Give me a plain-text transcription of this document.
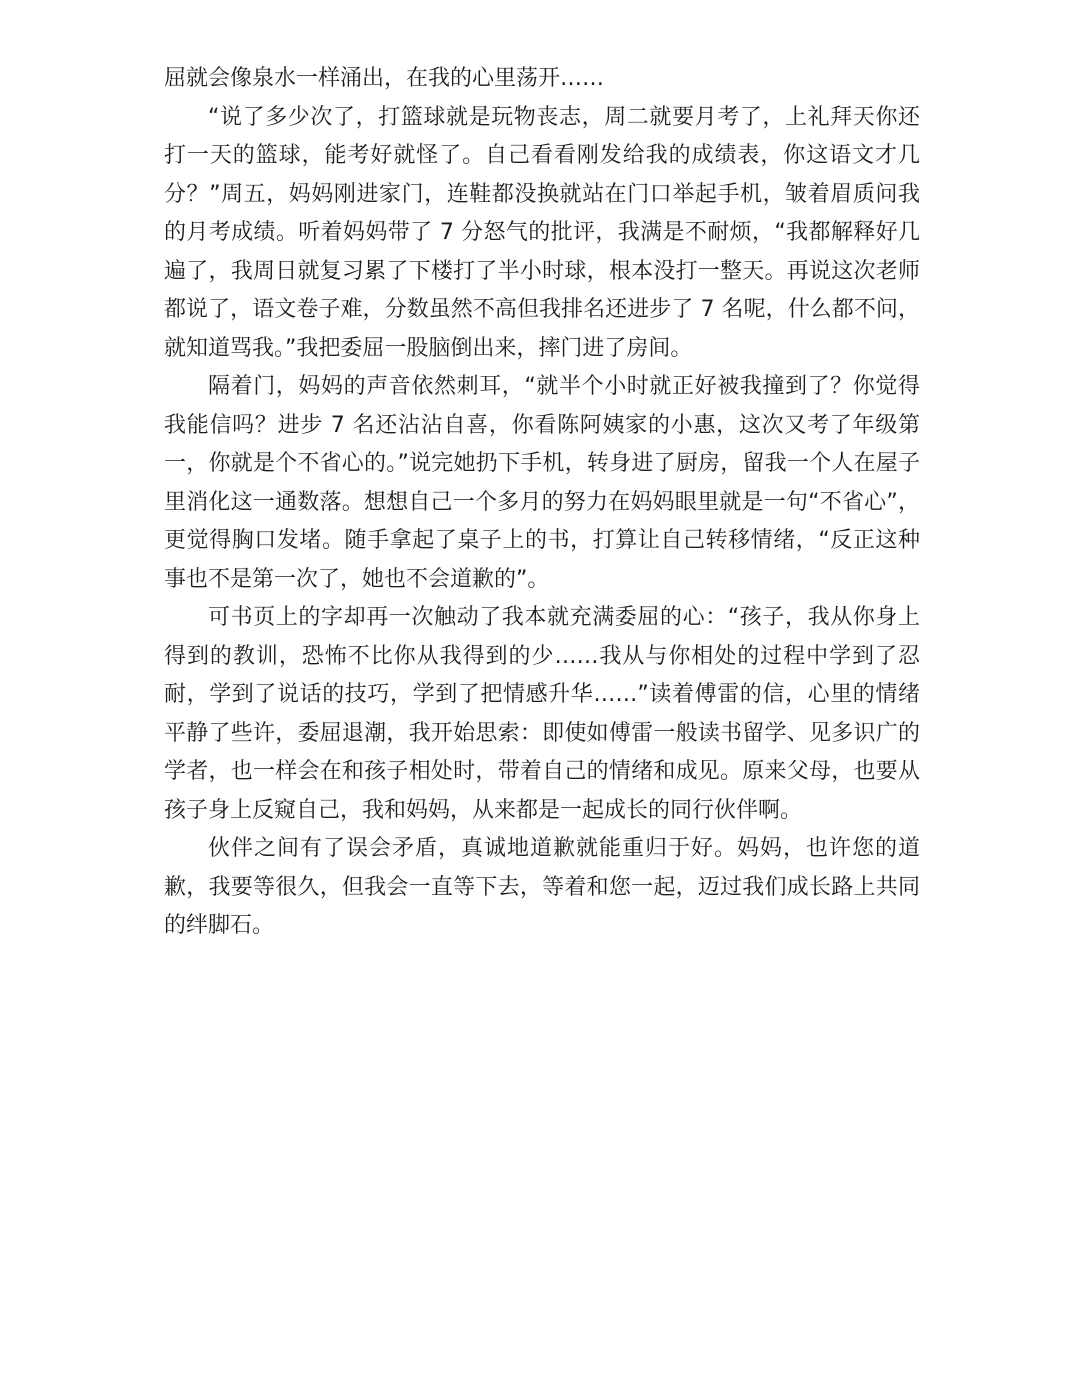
屈就会像泉水一样涌出，在我的心里荡开……

“说了多少次了，打篮球就是玩物丧志，周二就要月考了，上礼拜天你还打一天的篮球，能考好就怪了。自己看看刚发给我的成绩表，你这语文才几分？”周五，妈妈刚进家门，连鞋都没换就站在门口举起手机，皱着眉质问我的月考成绩。听着妈妈带了 7 分怒气的批评，我满是不耐烦，“我都解释好几遍了，我周日就复习累了下楼打了半小时球，根本没打一整天。再说这次老师都说了，语文卷子难，分数虽然不高但我排名还进步了 7 名呢，什么都不问，就知道骂我。”我把委屈一股脑倒出来，摔门进了房间。

隔着门，妈妈的声音依然刺耳，“就半个小时就正好被我撞到了？你觉得我能信吗？进步 7 名还沾沾自喜，你看陈阿姨家的小惠，这次又考了年级第一，你就是个不省心的。”说完她扔下手机，转身进了厨房，留我一个人在屋子里消化这一通数落。想想自己一个多月的努力在妈妈眼里就是一句“不省心”，更觉得胸口发堵。随手拿起了桌子上的书，打算让自己转移情绪，“反正这种事也不是第一次了，她也不会道歉的”。

可书页上的字却再一次触动了我本就充满委屈的心：“孩子，我从你身上得到的教训，恐怖不比你从我得到的少……我从与你相处的过程中学到了忍耐，学到了说话的技巧，学到了把情感升华……”读着傅雷的信，心里的情绪平静了些许，委屈退潮，我开始思索：即使如傅雷一般读书留学、见多识广的学者，也一样会在和孩子相处时，带着自己的情绪和成见。原来父母，也要从孩子身上反窥自己，我和妈妈，从来都是一起成长的同行伙伴啊。

伙伴之间有了误会矛盾，真诚地道歉就能重归于好。妈妈，也许您的道歉，我要等很久，但我会一直等下去，等着和您一起，迈过我们成长路上共同的绊脚石。
